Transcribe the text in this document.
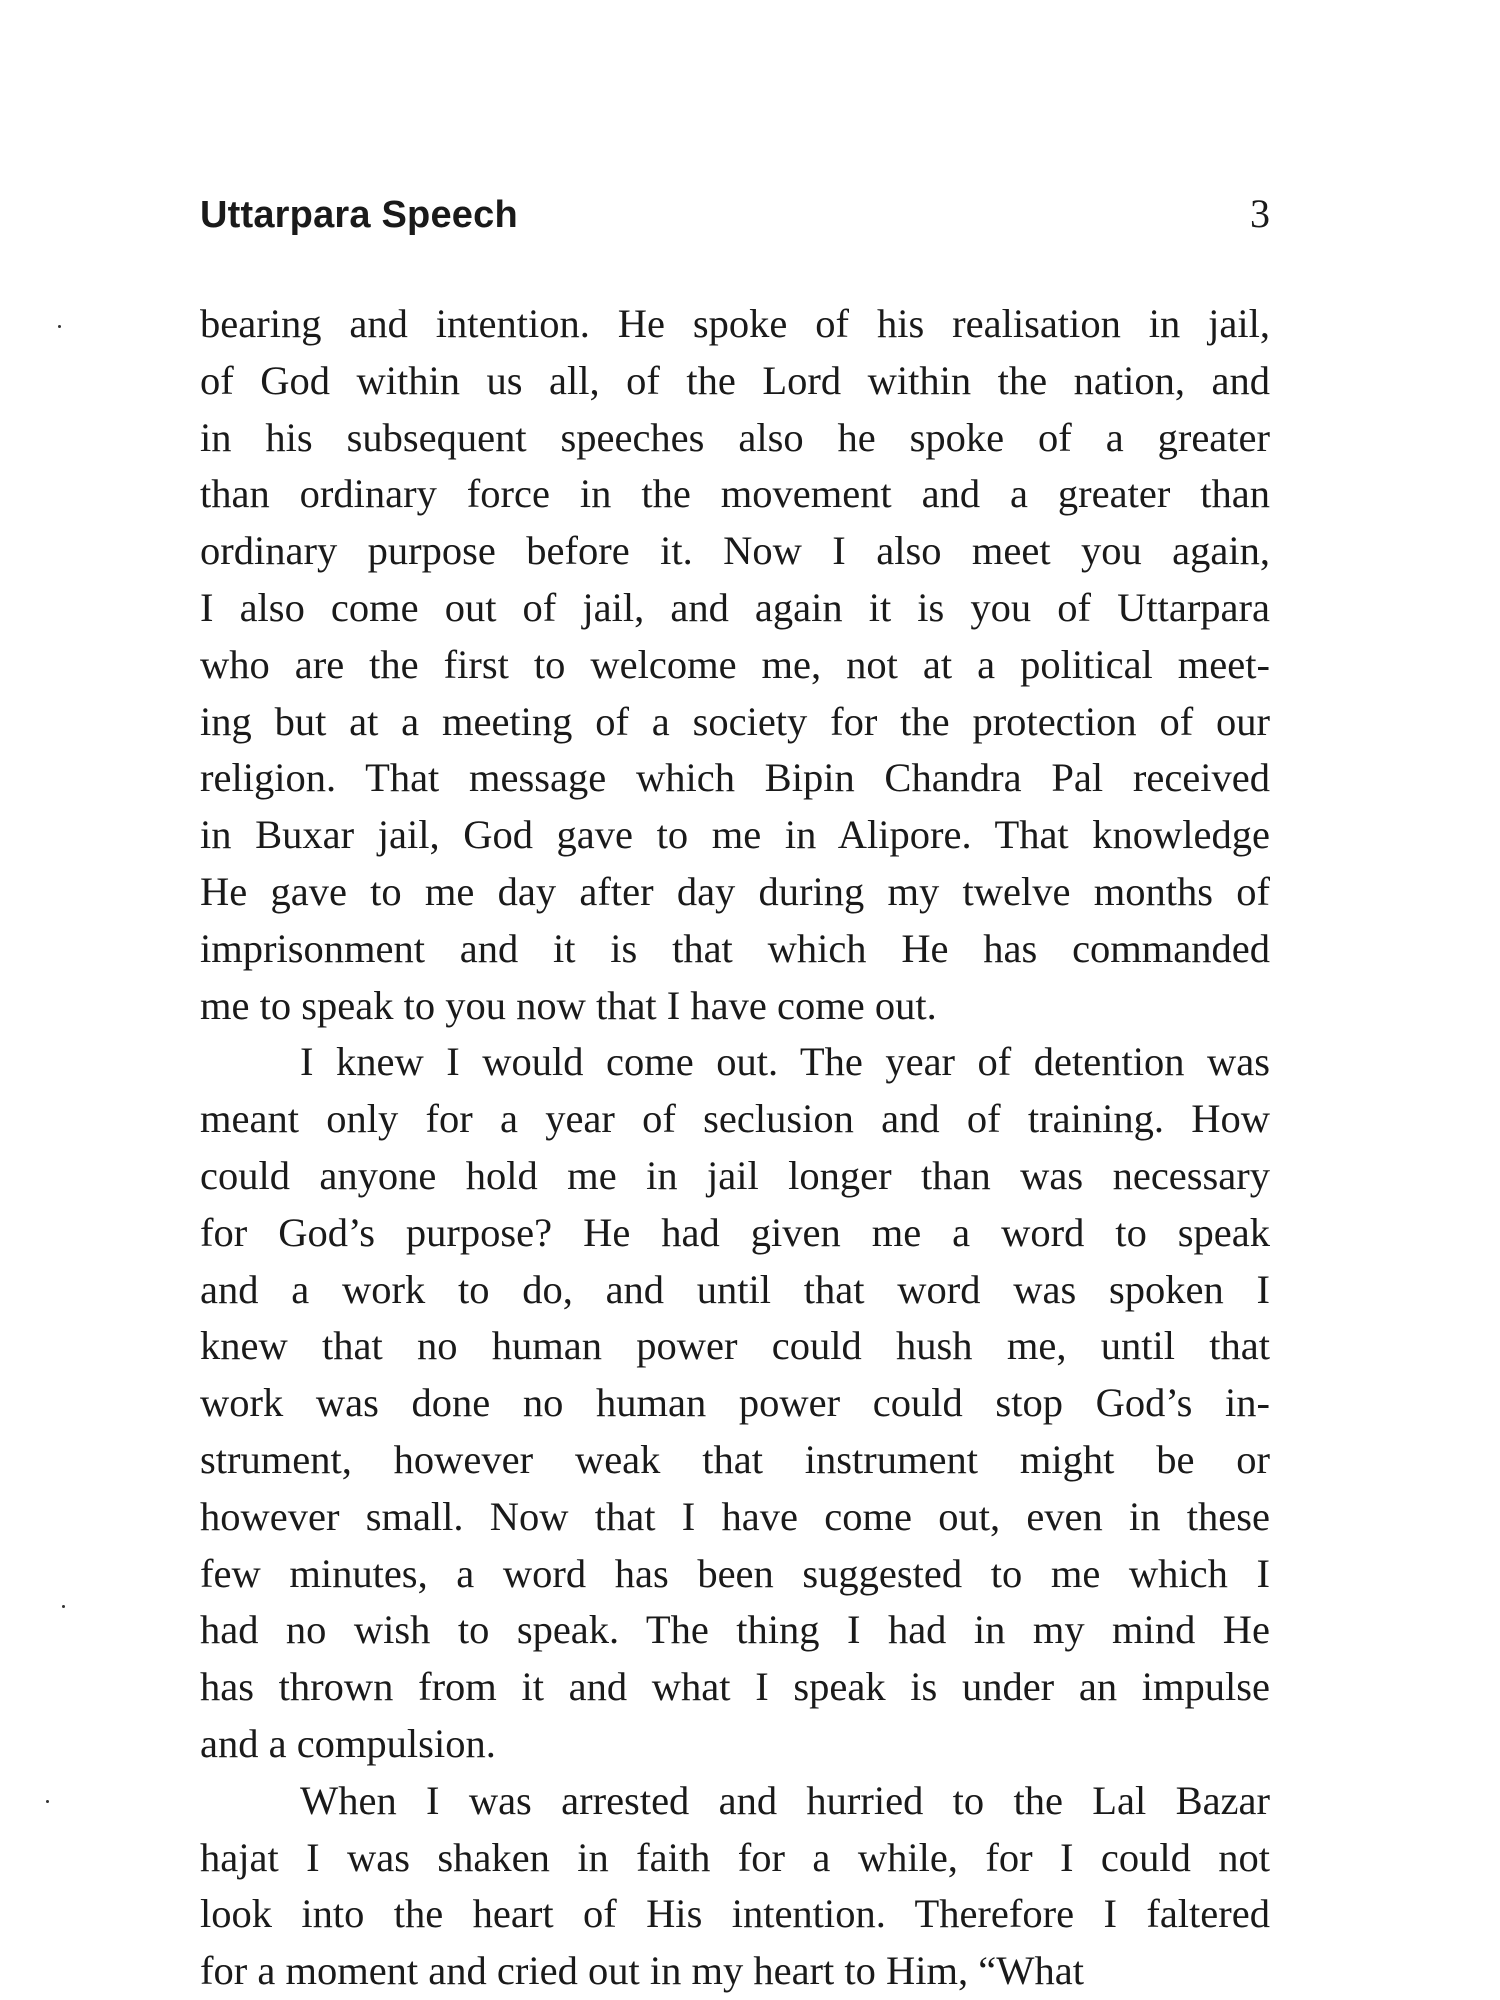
Uttarpara Speech	3

bearing and intention. He spoke of his realisation in jail,
of God within us all, of the Lord within the nation, and
in his subsequent speeches also he spoke of a greater
than ordinary force in the movement and a greater than
ordinary purpose before it. Now I also meet you again,
I also come out of jail, and again it is you of Uttarpara
who are the first to welcome me, not at a political meet-
ing but at a meeting of a society for the protection of our
religion. That message which Bipin Chandra Pal received
in Buxar jail, God gave to me in Alipore. That knowledge
He gave to me day after day during my twelve months of
imprisonment and it is that which He has commanded
me to speak to you now that I have come out.

I knew I would come out. The year of detention was
meant only for a year of seclusion and of training. How
could anyone hold me in jail longer than was necessary
for God’s purpose? He had given me a word to speak
and a work to do, and until that word was spoken I
knew that no human power could hush me, until that
work was done no human power could stop God’s in-
strument, however weak that instrument might be or
however small. Now that I have come out, even in these
few minutes, a word has been suggested to me which I
had no wish to speak. The thing I had in my mind He
has thrown from it and what I speak is under an impulse
and a compulsion.

When I was arrested and hurried to the Lal Bazar
hajat I was shaken in faith for a while, for I could not
look into the heart of His intention. Therefore I faltered
for a moment and cried out in my heart to Him, “What
